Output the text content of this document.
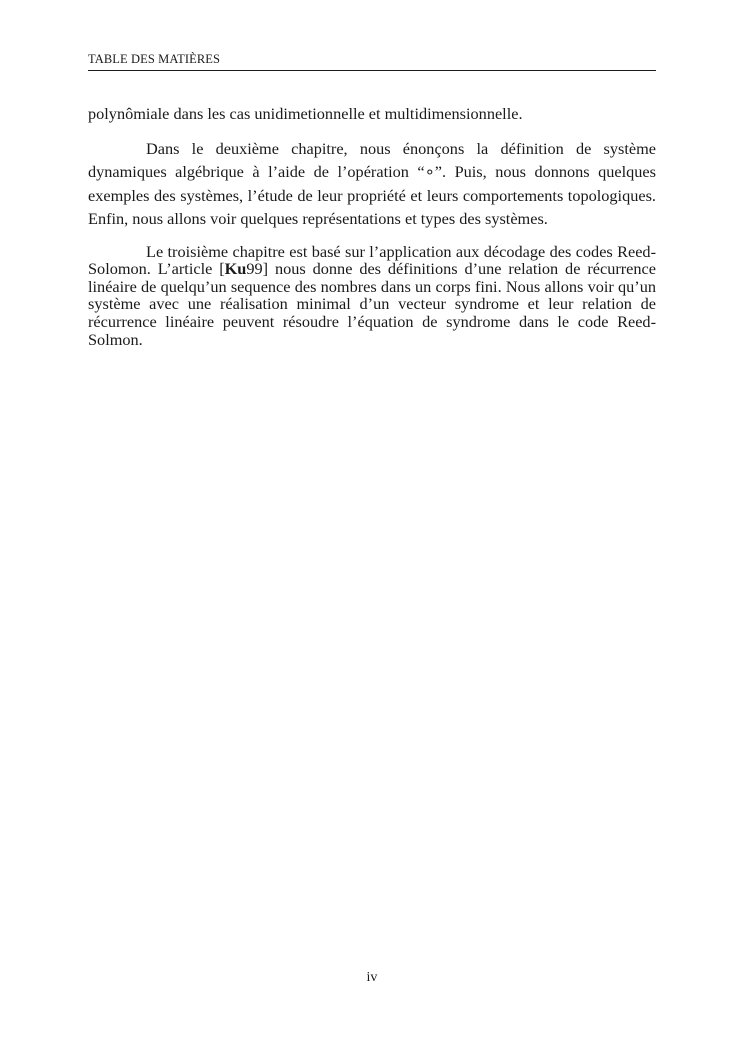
TABLE DES MATIÈRES

polynômiale dans les cas unidimetionnelle et multidimensionnelle.

Dans le deuxième chapitre, nous énonçons la définition de système dynamiques algébrique à l’aide de l’opération “∘”. Puis, nous donnons quelques exemples des systèmes, l’étude de leur propriété et leurs comportements topologiques. Enfin, nous allons voir quelques représentations et types des systèmes.

Le troisième chapitre est basé sur l’application aux décodage des codes Reed-Solomon. L’article [Ku99] nous donne des définitions d’une relation de récurrence linéaire de quelqu’un sequence des nombres dans un corps fini. Nous allons voir qu’un système avec une réalisation minimal d’un vecteur syndrome et leur relation de récurrence linéaire peuvent résoudre l’équation de syndrome dans le code Reed-Solmon.

iv
